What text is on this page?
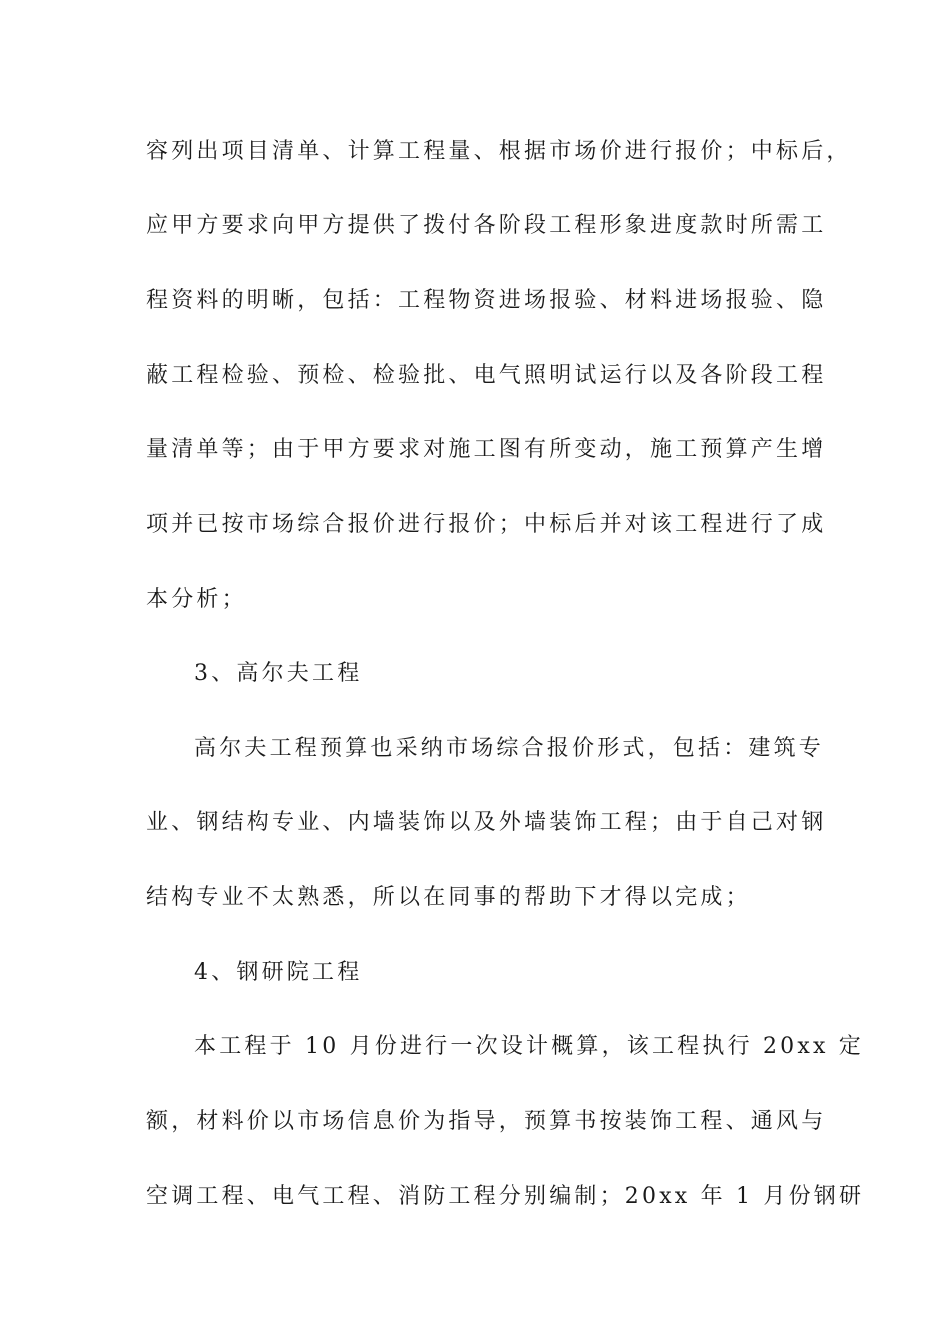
容列出项目清单、计算工程量、根据市场价进行报价；中标后，
应甲方要求向甲方提供了拨付各阶段工程形象进度款时所需工
程资料的明晰，包括：工程物资进场报验、材料进场报验、隐
蔽工程检验、预检、检验批、电气照明试运行以及各阶段工程
量清单等；由于甲方要求对施工图有所变动，施工预算产生增
项并已按市场综合报价进行报价；中标后并对该工程进行了成
本分析；
3、高尔夫工程
高尔夫工程预算也采纳市场综合报价形式，包括：建筑专
业、钢结构专业、内墙装饰以及外墙装饰工程；由于自己对钢
结构专业不太熟悉，所以在同事的帮助下才得以完成；
4、钢研院工程
本工程于 10 月份进行一次设计概算，该工程执行 20xx 定
额，材料价以市场信息价为指导，预算书按装饰工程、通风与
空调工程、电气工程、消防工程分别编制；20xx 年 1 月份钢研
